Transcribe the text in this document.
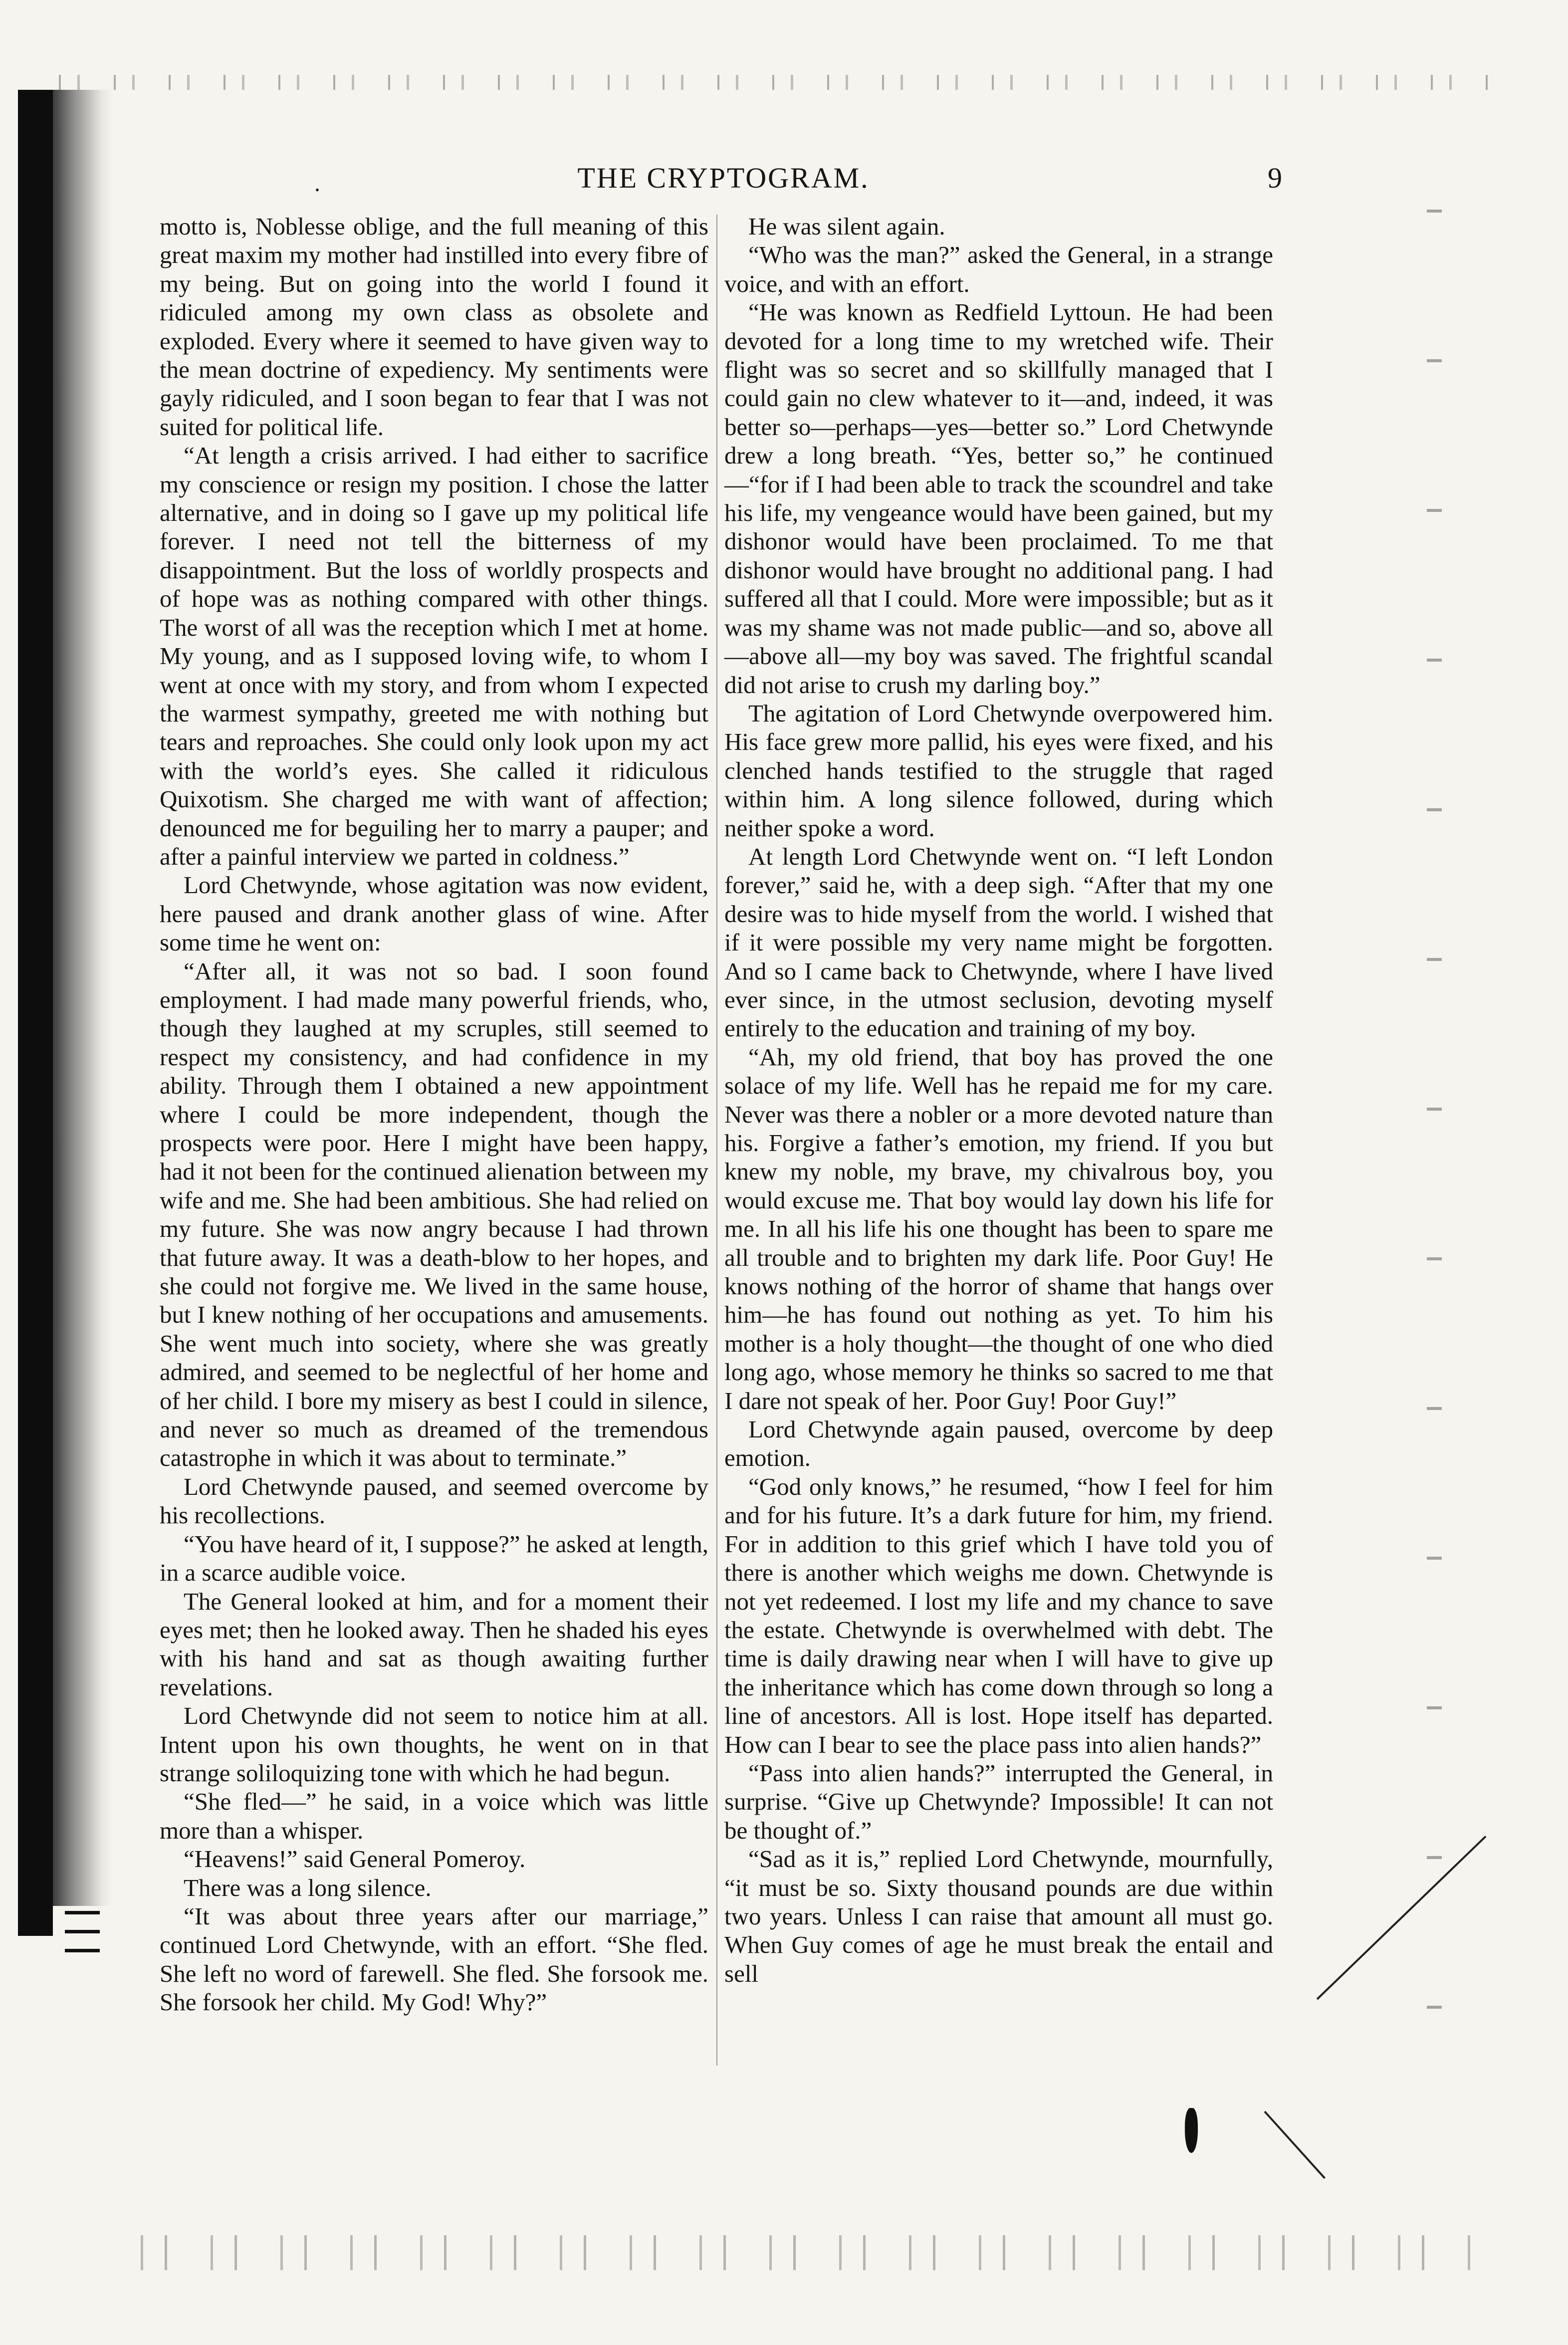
.	THE CRYPTOGRAM.	9

motto is, Noblesse oblige, and the full meaning of this great maxim my mother had instilled into every fibre of my being. But on going into the world I found it ridiculed among my own class as obsolete and exploded. Every where it seemed to have given way to the mean doctrine of expediency. My sentiments were gayly ridiculed, and I soon began to fear that I was not suited for political life.

“At length a crisis arrived. I had either to sacrifice my conscience or resign my position. I chose the latter alternative, and in doing so I gave up my political life forever. I need not tell the bitterness of my disappointment. But the loss of worldly prospects and of hope was as nothing compared with other things. The worst of all was the reception which I met at home. My young, and as I supposed loving wife, to whom I went at once with my story, and from whom I expected the warmest sympathy, greeted me with nothing but tears and reproaches. She could only look upon my act with the world’s eyes. She called it ridiculous Quixotism. She charged me with want of affection; denounced me for beguiling her to marry a pauper; and after a painful interview we parted in coldness.”

Lord Chetwynde, whose agitation was now evident, here paused and drank another glass of wine. After some time he went on:

“After all, it was not so bad. I soon found employment. I had made many powerful friends, who, though they laughed at my scruples, still seemed to respect my consistency, and had confidence in my ability. Through them I obtained a new appointment where I could be more independent, though the prospects were poor. Here I might have been happy, had it not been for the continued alienation between my wife and me. She had been ambitious. She had relied on my future. She was now angry because I had thrown that future away. It was a death-blow to her hopes, and she could not forgive me. We lived in the same house, but I knew nothing of her occupations and amusements. She went much into society, where she was greatly admired, and seemed to be neglectful of her home and of her child. I bore my misery as best I could in silence, and never so much as dreamed of the tremendous catastrophe in which it was about to terminate.”

Lord Chetwynde paused, and seemed overcome by his recollections.

“You have heard of it, I suppose?” he asked at length, in a scarce audible voice.

The General looked at him, and for a moment their eyes met; then he looked away. Then he shaded his eyes with his hand and sat as though awaiting further revelations.

Lord Chetwynde did not seem to notice him at all. Intent upon his own thoughts, he went on in that strange soliloquizing tone with which he had begun.

“She fled—” he said, in a voice which was little more than a whisper.

“Heavens!” said General Pomeroy.

There was a long silence.

“It was about three years after our marriage,” continued Lord Chetwynde, with an effort. “She fled. She left no word of farewell. She fled. She forsook me. She forsook her child. My God! Why?”

He was silent again.

“Who was the man?” asked the General, in a strange voice, and with an effort.

“He was known as Redfield Lyttoun. He had been devoted for a long time to my wretched wife. Their flight was so secret and so skillfully managed that I could gain no clew whatever to it—and, indeed, it was better so—perhaps—yes—better so.” Lord Chetwynde drew a long breath. “Yes, better so,” he continued —“for if I had been able to track the scoundrel and take his life, my vengeance would have been gained, but my dishonor would have been proclaimed. To me that dishonor would have brought no additional pang. I had suffered all that I could. More were impossible; but as it was my shame was not made public—and so, above all—above all—my boy was saved. The frightful scandal did not arise to crush my darling boy.”

The agitation of Lord Chetwynde overpowered him. His face grew more pallid, his eyes were fixed, and his clenched hands testified to the struggle that raged within him. A long silence followed, during which neither spoke a word.

At length Lord Chetwynde went on. “I left London forever,” said he, with a deep sigh. “After that my one desire was to hide myself from the world. I wished that if it were possible my very name might be forgotten. And so I came back to Chetwynde, where I have lived ever since, in the utmost seclusion, devoting myself entirely to the education and training of my boy.

“Ah, my old friend, that boy has proved the one solace of my life. Well has he repaid me for my care. Never was there a nobler or a more devoted nature than his. Forgive a father’s emotion, my friend. If you but knew my noble, my brave, my chivalrous boy, you would excuse me. That boy would lay down his life for me. In all his life his one thought has been to spare me all trouble and to brighten my dark life. Poor Guy! He knows nothing of the horror of shame that hangs over him—he has found out nothing as yet. To him his mother is a holy thought—the thought of one who died long ago, whose memory he thinks so sacred to me that I dare not speak of her. Poor Guy! Poor Guy!”

Lord Chetwynde again paused, overcome by deep emotion.

“God only knows,” he resumed, “how I feel for him and for his future. It’s a dark future for him, my friend. For in addition to this grief which I have told you of there is another which weighs me down. Chetwynde is not yet redeemed. I lost my life and my chance to save the estate. Chetwynde is overwhelmed with debt. The time is daily drawing near when I will have to give up the inheritance which has come down through so long a line of ancestors. All is lost. Hope itself has departed. How can I bear to see the place pass into alien hands?”

“Pass into alien hands?” interrupted the General, in surprise. “Give up Chetwynde? Impossible! It can not be thought of.”

“Sad as it is,” replied Lord Chetwynde, mournfully, “it must be so. Sixty thousand pounds are due within two years. Unless I can raise that amount all must go. When Guy comes of age he must break the entail and sell
